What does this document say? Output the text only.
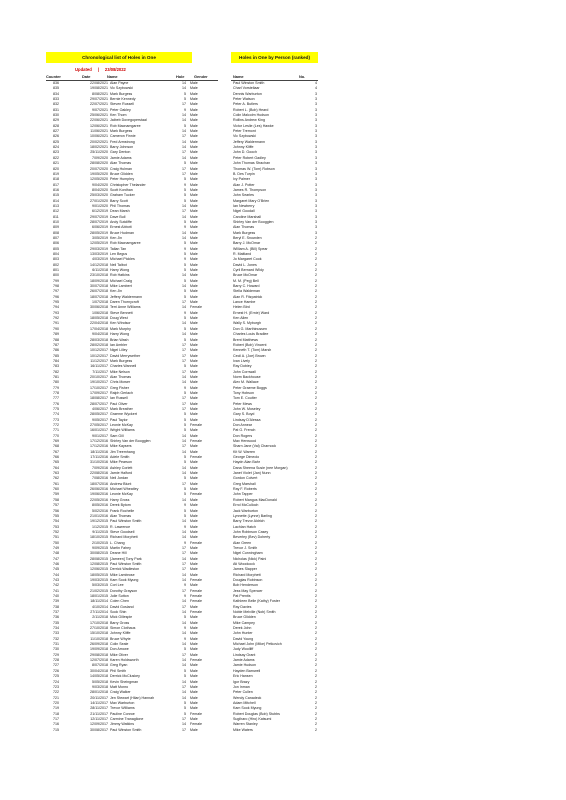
Chronological list of Holes in One	Holes in One by Person (ranked)
Updated | 23/08/2022
Counter	Date	Name	Hole Gender	Name	No.
836	22/08/2021 Alan Payne	14 Male
835	19/08/2021 Vic Szybowski	14 Male
834	8/08/2021 Mark Burgess	5 Male
833	29/07/2021 Bernie Kennedy	5 Male
832	22/07/2021 Steven Russell	17 Male
831	9/07/2021 Peter Oakley	9 Male
830	25/06/2021 Ken Thom	14 Male
829	22/06/2021 Jaibeb Dovegoperstaal	14 Male
828	12/06/2021 Rob Macnamgaree	5 Male
827	11/06/2021 Mark Burgess	14 Male
826	10/06/2021 Cameron Finnie	17 Male
825	20/02/2021 Fred Armstrong	14 Male
824	18/02/2021 Barry Johnson	14 Male
823	25/11/2020 Gary Denton	17 Male
822	7/09/2020 Jamie Adams	14 Male
821	28/08/2020 Alan Thomas	5 Male
820	20/07/2020 Craig Hulman	17 Male
819	19/05/2020 Bruce Glidden	17 Male
818	12/05/2020 Peter Humphry	5 Male
817	9/04/2020 Christopher Thelander	9 Male
816	8/04/2020 Scott Kordhan	5 Male
815	25/03/2020 Graham Tucker	5 Male
814	27/01/2020 Barry Scott	5 Male
813	9/01/2020 Phil Thomas	14 Male
812	6/12/2019 Dean Marsh	17 Male
811	29/07/2019 Dave Bull	14 Male
810	28/07/2019 Andy Sutcliffe	5 Male
809	6/06/2019 Ernest Abbott	9 Male
808	28/05/2019 Bruce Hudman	14 Male
807	3/05/2019 Ken Jin	14 Male
806	12/05/2019 Rob Macnamgaree	5 Male
805	29/03/2019 Tallan Tan	9 Male
804	13/03/2019 Len Begus	5 Male
803	4/03/2019 Michael Pickles	9 Male
802	14/12/2018 Neil Talbot	5 Male
801	6/11/2018 Harry Wong	5 Male
800	23/10/2018 Rob Hatkins	14 Male
799	18/09/2018 Michael Craig	5 Male
798	30/07/2018 Mike Lambert	14 Male
797	26/07/2018 Ken Jin	5 Male
796	18/07/2018 Jeffery Waldermann	5 Male
795	1/07/2018 Daren Thornycroft	17 Male
794	30/06/2018 Terri Anne Williams	14 Female
793	1/06/2018 Steve Bennett	9 Male
792	18/05/2018 Doug West	5 Male
791	22/04/2018 Ken Windsor	14 Male
790	17/04/2018 Mark Murphy	5 Male
789	9/04/2018 Harry Wong	14 Male
788	28/03/2018 Brian Wash	5 Male
787	28/02/2018 Ian Ambler	17 Male
786	10/12/2017 Nigel Lilley	17 Male
785	10/12/2017 David Merrywether	17 Male
784	11/12/2017 Mark Burgess	17 Male
783	16/11/2017 Charles Wannell	5 Male
782	7/11/2017 Mike Nelson	17 Male
781	20/10/2017 Alan Thomas	14 Male
780	19/10/2017 Chris Mower	14 Male
779	17/10/2017 Greg Fisher	9 Male
778	17/09/2017 Ralph Gerlach	5 Male
777	18/08/2017 Ian Russell	17 Male
776	28/07/2017 Paul Oliver	17 Male
775	4/06/2017 Mark Breather	17 Male
774	28/05/2017 Graeme Wyckert	5 Male
773	9/05/2017 Paul Taylor	5 Male
772	27/05/2017 Leonie McKay	5 Female
771	16/01/2017 Wright Williams	5 Male
770	9/01/2017 Sam Gill	14 Male
769	17/12/2016 Shirley Van der Boogglen	14 Female
768	17/12/2016 Mike Kaysers	17 Male
767	18/11/2016 Jim Treemhang	14 Male
766	17/11/2016 Adele Smith	5 Female
765	31/10/2016 Mike Pearson	5 Male
764	7/09/2016 Ashley Corlett	14 Male
763	22/08/2016 Jamie Halford	14 Male
762	7/08/2016 Neil Jordan	5 Male
761	18/07/2016 Andrew Blunt	17 Male
760	26/06/2016 Michael Wheatley	5 Male
759	19/06/2016 Leonie McKay	5 Female
758	22/05/2016 Harry Gross	14 Male
757	8/05/2016 Derek Bytom	9 Male
756	5/02/2016 Frank Rochelle	5 Male
755	21/01/2016 Alan Thomas	5 Male
754	19/12/2015 Paul Winston Smith	14 Male
753	1/12/2015 R. Lawrence	9 Male
752	9/11/2015 Steve Goodsell	14 Male
751	18/10/2015 Richard Morphett	14 Male
750	2/10/2015 L. Chang	9 Female
749	9/09/2015 Martin Fahey	17 Male
748	30/08/2015 Deane Hill	17 Male
747	28/08/2015 [Jameen] Tony Park	14 Male
746	12/08/2015 Paul Winston Smith	17 Male
745	12/06/2015 Derrick Wadleston	17 Male
744	18/05/2015 Mike Lambrose	14 Male
743	19/03/2015 Kam Sook Myung	14 Female
742	5/03/2015 Cori Lee	9 Male
741	21/02/2015 Dorothy Grayson	17 Female
740	18/01/2015 Julie Sutton	9 Female
739	18/11/2014 Colen Chen	14 Female
738	4/10/2014 David Gosland	17 Male
737	27/11/2014 Sook Shin	14 Female
736	2/11/2018 Mick Gillespie	5 Male
735	17/10/2018 Barry Gross	14 Male
734	27/10/2018 Simon Clothaus	9 Male
733	15/10/2018 Johnny Kliffe	14 Male
732	11/10/2018 Bruce Whyte	9 Male
731	26/09/2018 Colin Seale	14 Male
730	19/09/2018 Don Arrowe	5 Male
729	29/08/2018 Mike Oliver	17 Male
728	12/07/2018 Karen Holdsworth	14 Female
727	8/07/2018 Greg Ryan	14 Male
726	30/04/2018 Phil Smith	5 Male
725	14/05/2018 Derrick McCluskey	5 Male
724	5/05/2018 Kevin Sheingman	14 Male
723	9/03/2018 Matt Monro	17 Male
722	28/01/2018 Craig Walker	14 Male
721	20/11/2017 Jen Stewart (Hilan) Hannah	14 Male
720	14/11/2017 Max Warburton	5 Male
719	28/11/2017 Trevor Williams	5 Male
718	21/11/2017 Pauline Conroe	5 Female
717	12/11/2017 Carmine Tranaglione	17 Male
716	12/09/2017 Jimmy Watkins	14 Female
715	30/08/2017 Paul Winston Smith	17 Male
Paul Winston Smith	4
Charl Vorsteliaar	4
Dennis Warburton	3
Peter Watson	3
Peter A. Butlers	3
Robert L. (Bob) Heard	3
Colin Malcolm Hudson	3
Rollins Andrew King	3
Victor Leslie (Les) Hawke	3
Peter Tremont	3
Vic Szybowski	3
Jeffery Waldermann	3
Johnny Kliffe	3
John D. Gooch	3
Peter Robert Gadley	3
John Thomas Strachan	3
Thomas W. (Tom) Robson	3
B. Des Turpin	3
Ivy Palmer	3
Alan J. Potter	3
James R. Thompson	3
John Searles	3
Margaret Mary O'Brien	3
Ian Newberry	3
Nigel Goodall	3
Caroline Marshall	3
Shirley Van der Boogglen	3
Alan Thomas	3
Mark Burgess	3
Beryl E. Snowden	2
Barry J. McOmar	2
William A. (Bill) Spear	2
R. Maitland	2
Jo Margaret Cook	2
David L. Jones	2
Cyril Bernard Wildy	2
Bruce McOmar	2
M. M. (Peg) Bell	2
Barry C. Howard	2
Stella Waldeman	2
Alan R. Fitzpatrick	2
Lance Hambe	2
Helen Bird	2
Ernest H. (Ernie) Ward	2
Ken Allen	2
Wally S. Myburgh	2
Don G. Marthinussen	2
Charles Louis Bradlee	2
Brent Matthews	2
Robert (Bob) Vincent	2
Kenneth T. (Tom) Marsh	2
Cecil A. (Joe) Brown	2
Ivan Lively	2
Ray Dobiey	2
John Cornwall	2
Norm Backhouse	2
Alex M. Wallace	2
Peter Graeme Boggs	2
Tony Hobson	2
Tom E. Coulter	2
Peter Mews	2
John W. Moseley	2
Gary S. Boyd	2
Lindsay D'Alessa	2
Don Annear	2
Pat G. French	2
Don Rogers	2
Max Henwood	2
Sharn Jane (Val) Charnock	2
Kit W. Warren	2
George Dimeolo	2
Haydn Alan Bahr	2
Dana Sheena Susie (nee Morgan)	2
Janet Violet (Jan) Nunn	2
Gordon Colvert	2
Greg Marshall	2
Ray F. Roberts	2
John Tapper	2
Robert Mangus MacDonald	2
Errol McCulloch	2
Jack Warburton	2
Lynnette (Lynne) Barling	2
Barry Trevor Aldrich	2
Lachlan Hatch	2
John Robinson Casey	2
Beverley (Bev) Doherty	2
Alan Green	2
Trevor J. Smith	2
Nigel Cunningham	2
Nicholas (Nick) Paini	2
Ati Woodcock	2
James Slapper	2
Richard Morphett	2
Douglas Robinson	2
Bob Henderson	2
Jess May Spencer	2
Pat Prentis	2
Kathleen Belle (Kathy) Foster	2
Ray Davies	2
Noble Melville (Nob) Smith	2
Bruce Glidden	2
Mike Campey	2
Derek John	2
John Hunter	2
David Young	2
Michael John (Mike) Petkovich	2
Judy Woolliff	2
Lindsay Grant	2
Jamie Adams	2
Jamie Hudson	2
Hayden Barnwell	2
Eric Hansen	2
Igor Brazy	2
Jon Inman	2
Peter Cullen	2
Wendy Canadeck	2
Adam Mitchell	2
Kam Sook Myung	2
Robert Douglas (Bob) Stubbs	2
Sugiharo (Hiro) Katsumi	2
Warren Stanley	2
Mike Waters	2
